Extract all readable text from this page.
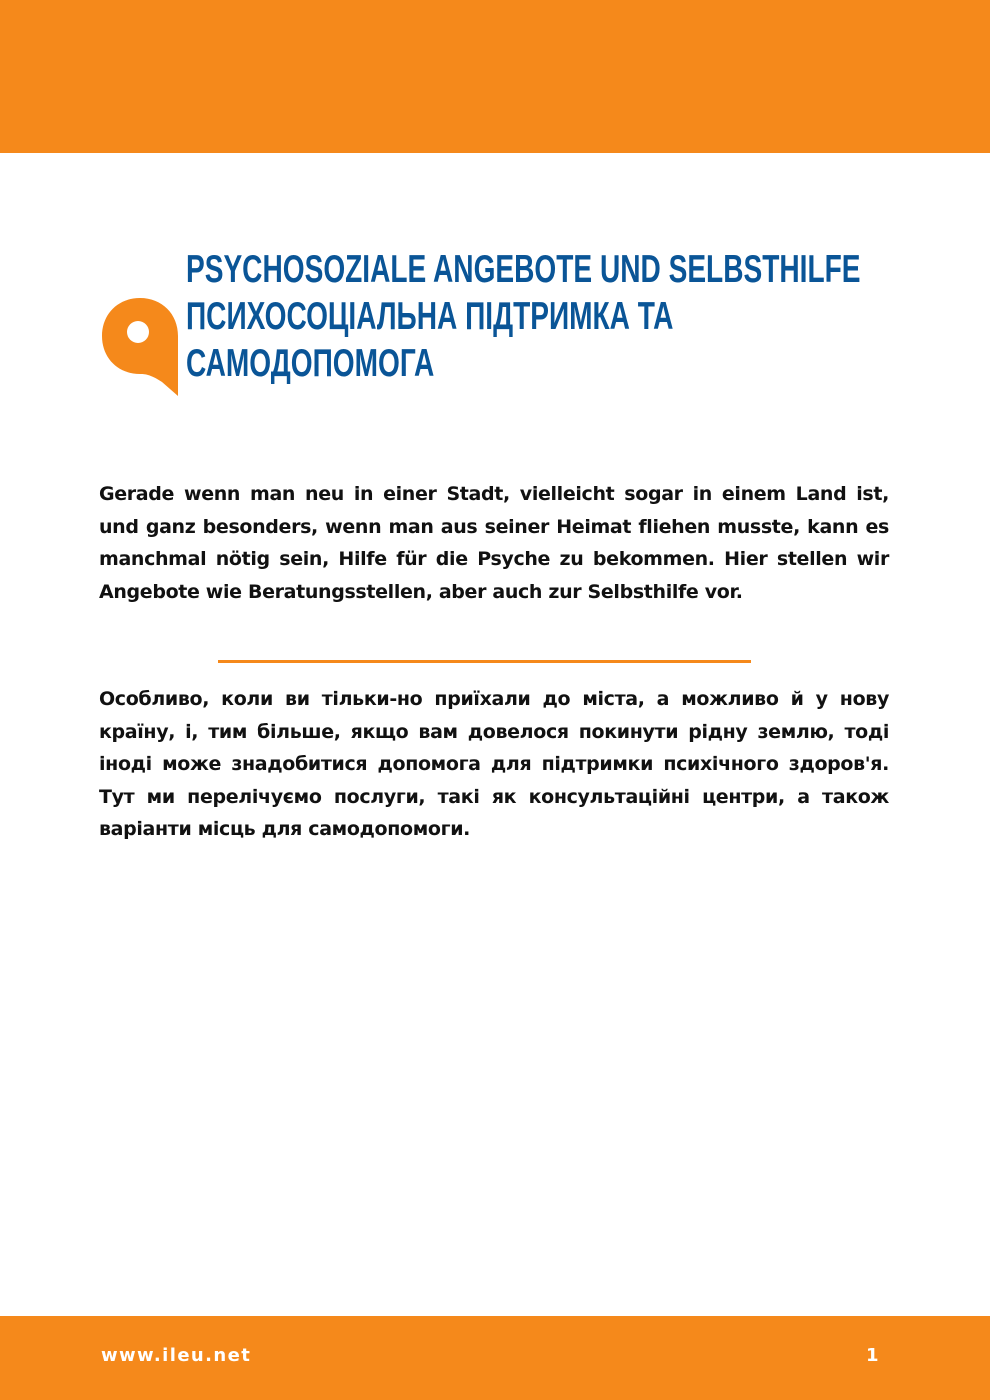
PSYCHOSOZIALE ANGEBOTE UND SELBSTHILFE
ПСИХОСОЦІАЛЬНА ПІДТРИМКА ТА
САМОДОПОМОГА

Gerade wenn man neu in einer Stadt, vielleicht sogar in einem Land ist, und ganz besonders, wenn man aus seiner Heimat fliehen musste, kann es manchmal nötig sein, Hilfe für die Psyche zu bekommen. Hier stellen wir Angebote wie Beratungsstellen, aber auch zur Selbsthilfe vor.

Особливо, коли ви тільки-но приїхали до міста, а можливо й у нову країну, і, тим більше, якщо вам довелося покинути рідну землю, тоді іноді може знадобитися допомога для підтримки психічного здоров'я. Тут ми перелічуємо послуги, такі як консультаційні центри, а також варіанти місць для самодопомоги.

www.ileu.net	1
